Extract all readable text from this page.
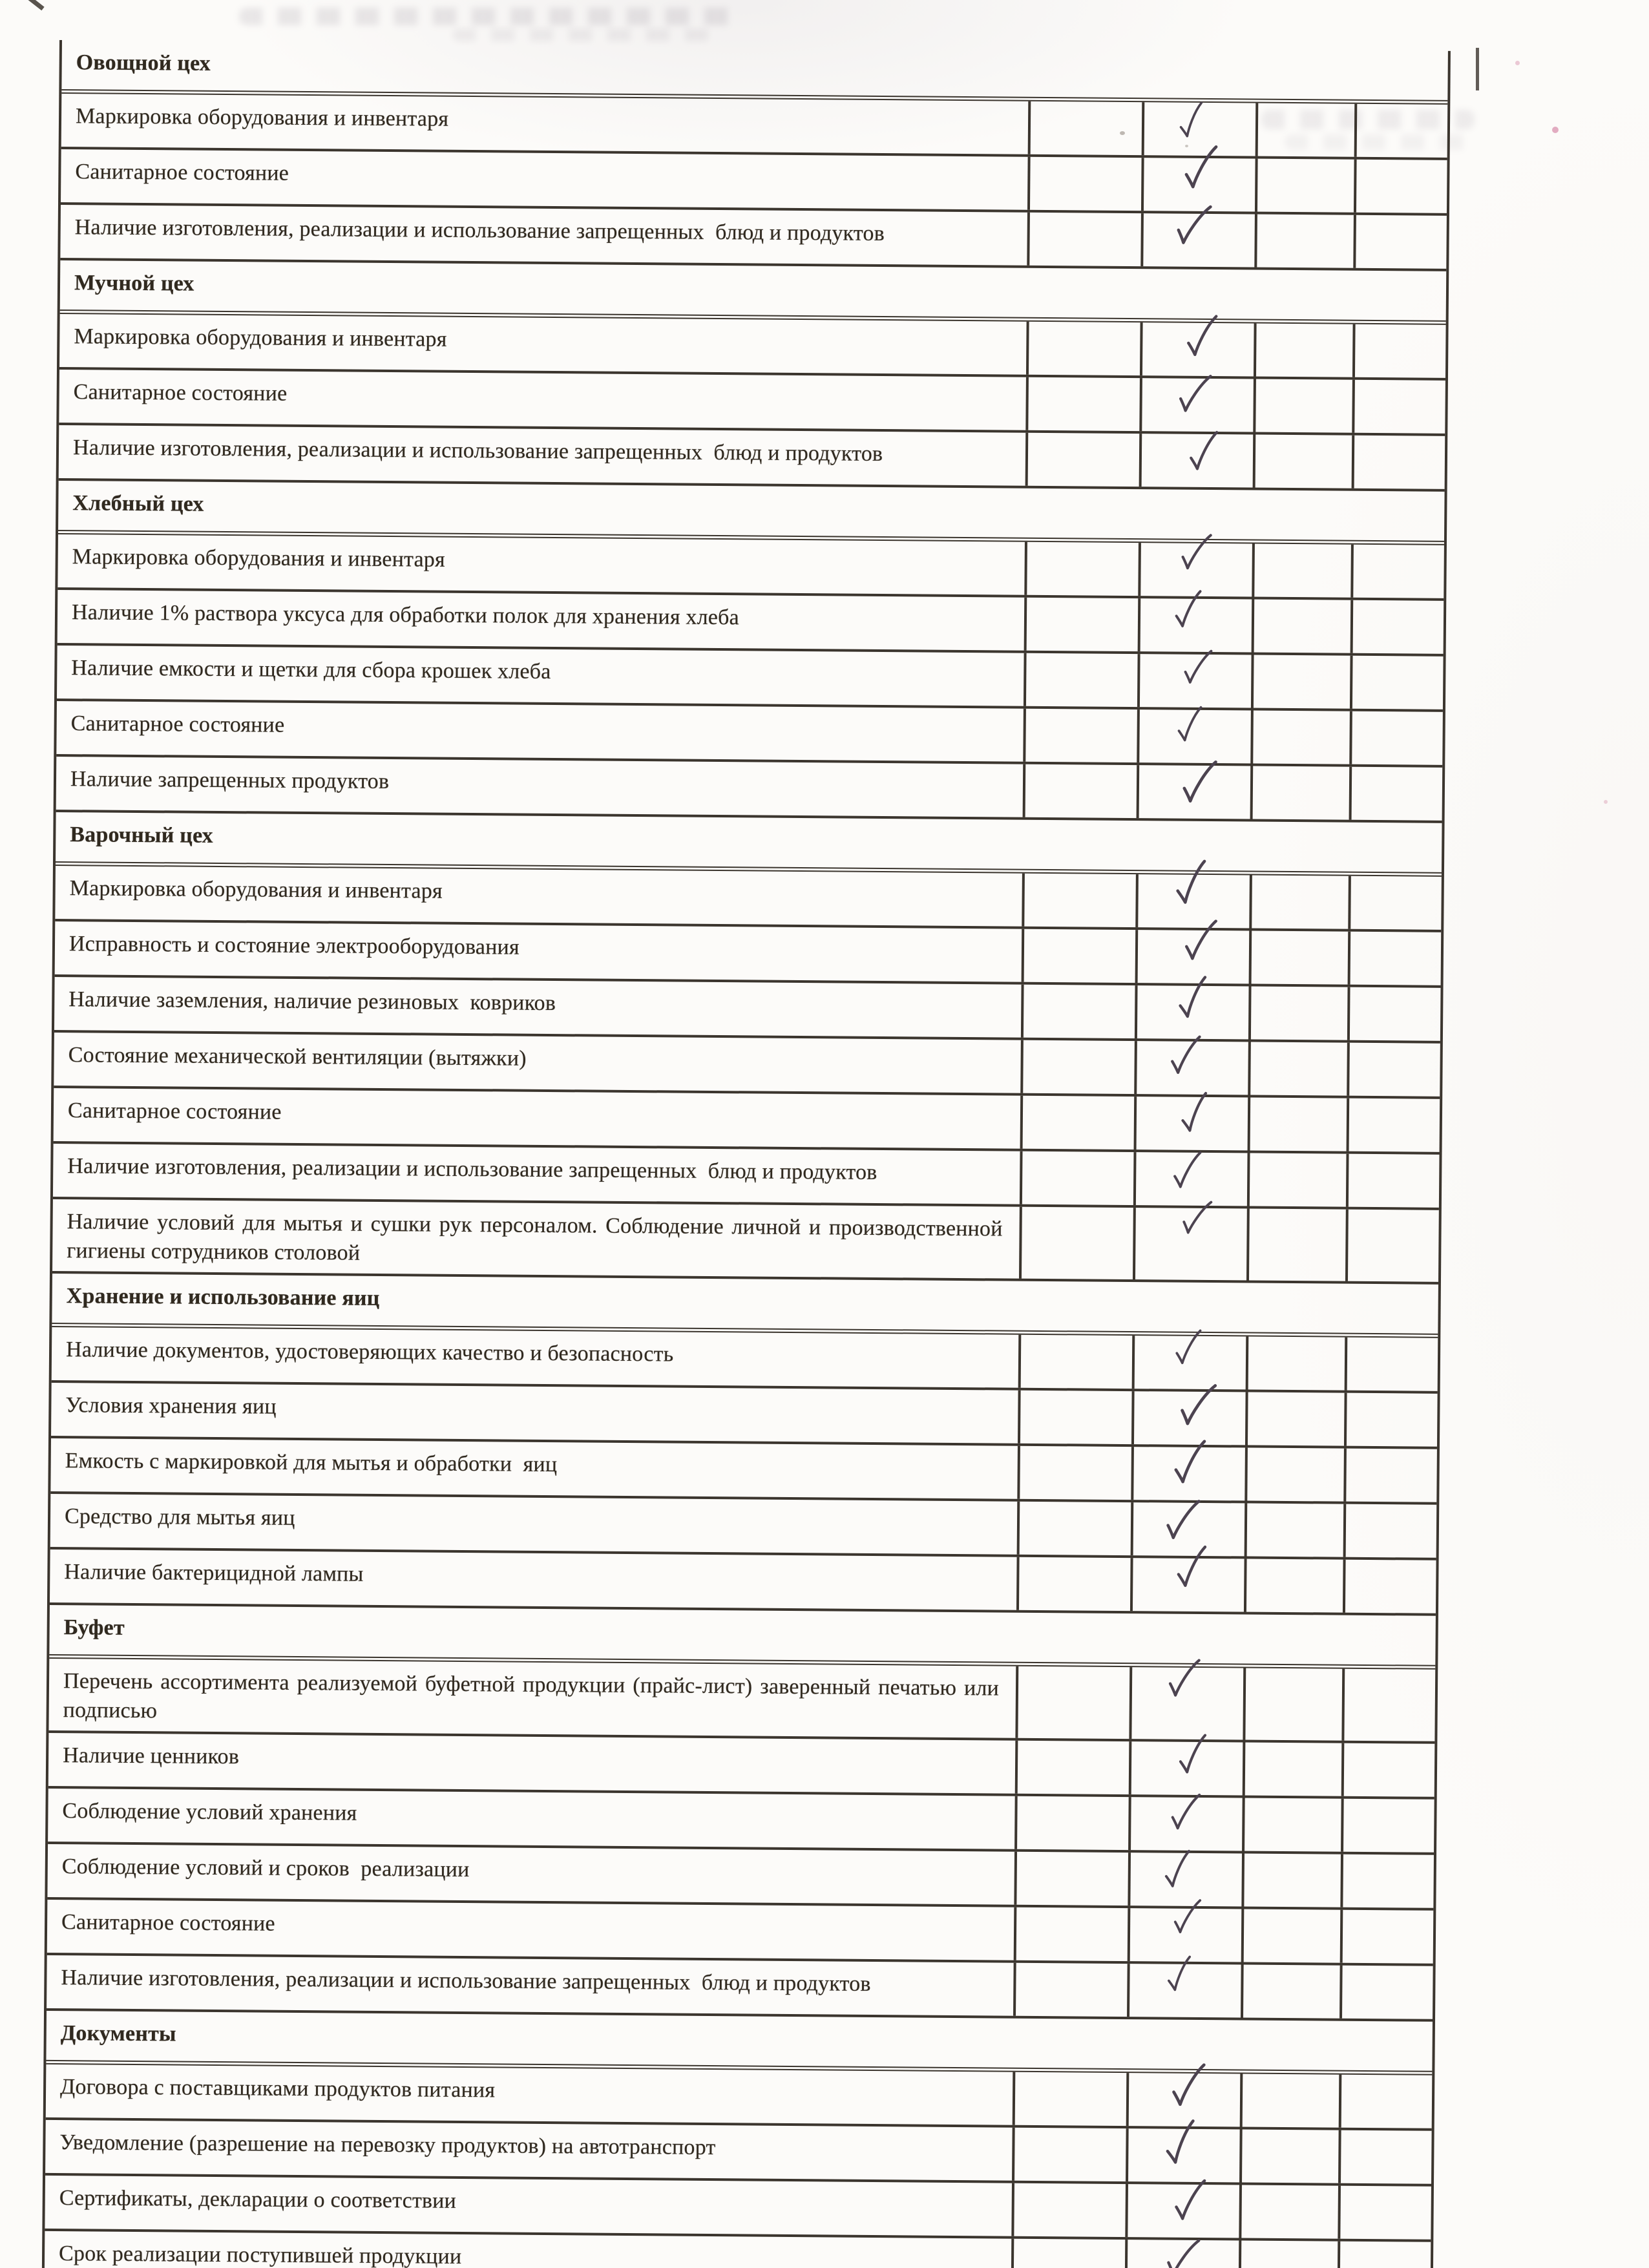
Овощной цех
Маркировка оборудования и инвентаря
Санитарное состояние
Наличие изготовления, реализации и использование запрещенных  блюд и продуктов
Мучной цех
Маркировка оборудования и инвентаря
Санитарное состояние
Наличие изготовления, реализации и использование запрещенных  блюд и продуктов
Хлебный цех
Маркировка оборудования и инвентаря
Наличие 1% раствора уксуса для обработки полок для хранения хлеба
Наличие емкости и щетки для сбора крошек хлеба
Санитарное состояние
Наличие запрещенных продуктов
Варочный цех
Маркировка оборудования и инвентаря
Исправность и состояние электрооборудования
Наличие заземления, наличие резиновых  ковриков
Состояние механической вентиляции (вытяжки)
Санитарное состояние
Наличие изготовления, реализации и использование запрещенных  блюд и продуктов
Наличие условий для мытья и сушки рук персоналом. Соблюдение личной и производственной гигиены сотрудников столовой
Хранение и использование яиц
Наличие документов, удостоверяющих качество и безопасность
Условия хранения яиц
Емкость с маркировкой для мытья и обработки  яиц
Средство для мытья яиц
Наличие бактерицидной лампы
Буфет
Перечень ассортимента реализуемой буфетной продукции (прайс-лист) заверенный печатью или подписью
Наличие ценников
Соблюдение условий хранения
Соблюдение условий и сроков  реализации
Санитарное состояние
Наличие изготовления, реализации и использование запрещенных  блюд и продуктов
Документы
Договора с поставщиками продуктов питания
Уведомление (разрешение на перевозку продуктов) на автотранспорт
Сертификаты, декларации о соответствии
Срок реализации поступившей продукции
